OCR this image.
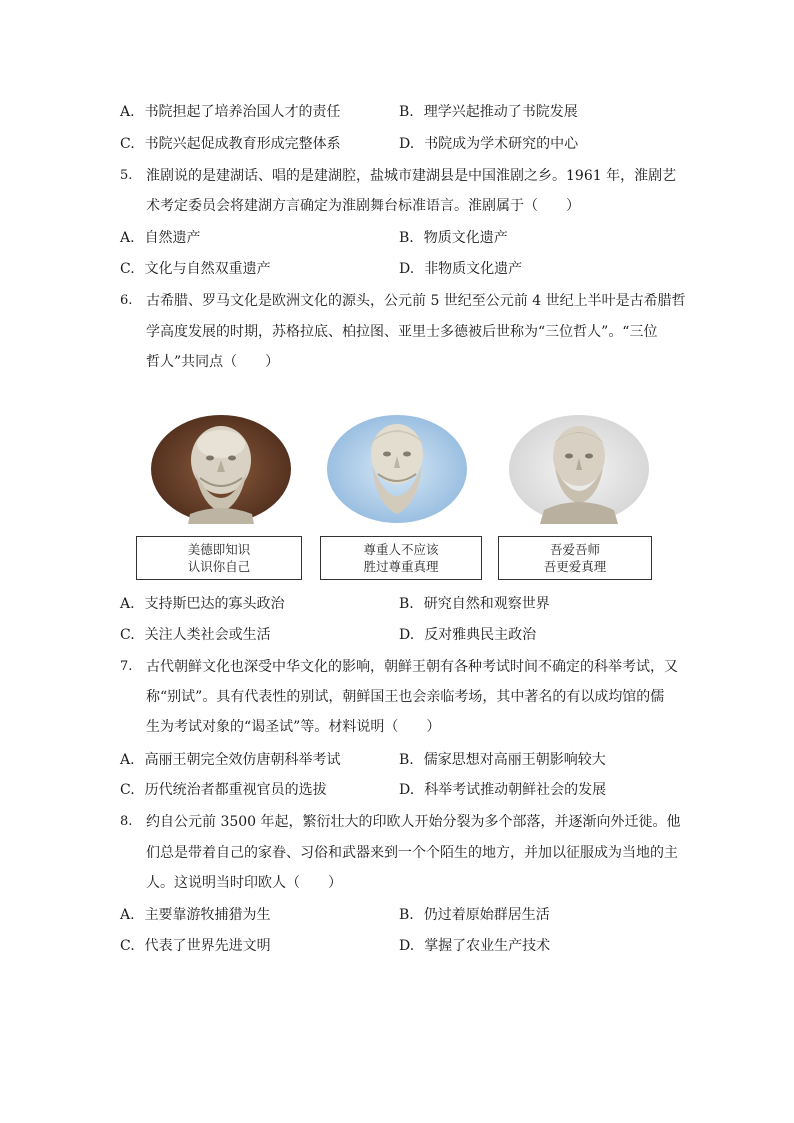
A. 书院担起了培养治国人才的责任	B. 理学兴起推动了书院发展
C. 书院兴起促成教育形成完整体系	D. 书院成为学术研究的中心
5. 淮剧说的是建湖话、唱的是建湖腔，盐城市建湖县是中国淮剧之乡。1961 年，淮剧艺
术考定委员会将建湖方言确定为淮剧舞台标准语言。淮剧属于（　　）
A. 自然遗产	B. 物质文化遗产
C. 文化与自然双重遗产	D. 非物质文化遗产
6. 古希腊、罗马文化是欧洲文化的源头，公元前 5 世纪至公元前 4 世纪上半叶是古希腊哲
学高度发展的时期，苏格拉底、柏拉图、亚里士多德被后世称为“三位哲人”。“三位
哲人”共同点（　　）
美德即知识
认识你自己
尊重人不应该
胜过尊重真理
吾爱吾师
吾更爱真理
A. 支持斯巴达的寡头政治	B. 研究自然和观察世界
C. 关注人类社会或生活	D. 反对雅典民主政治
7. 古代朝鲜文化也深受中华文化的影响，朝鲜王朝有各种考试时间不确定的科举考试，又
称“别试”。具有代表性的别试，朝鲜国王也会亲临考场，其中著名的有以成均馆的儒
生为考试对象的“谒圣试”等。材料说明（　　）
A. 高丽王朝完全效仿唐朝科举考试	B. 儒家思想对高丽王朝影响较大
C. 历代统治者都重视官员的选拔	D. 科举考试推动朝鲜社会的发展
8. 约自公元前 3500 年起，繁衍壮大的印欧人开始分裂为多个部落，并逐渐向外迁徙。他
们总是带着自己的家眷、习俗和武器来到一个个陌生的地方，并加以征服成为当地的主
人。这说明当时印欧人（　　）
A. 主要靠游牧捕猎为生	B. 仍过着原始群居生活
C. 代表了世界先进文明	D. 掌握了农业生产技术
